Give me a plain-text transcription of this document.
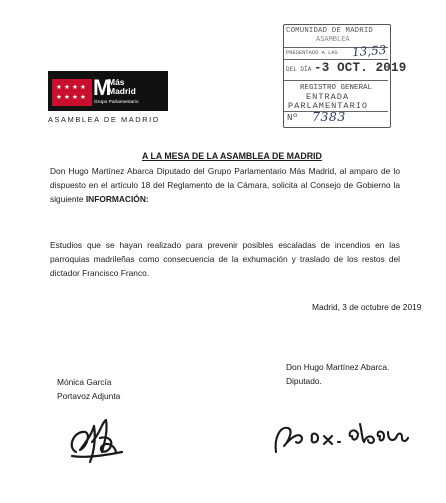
★ ★ ★ ★
★ ★ ★ ★ M
Más
Madrid
Grupo Parlamentario
ASAMBLEA DE MADRID
COMUNIDAD DE MADRID
ASAMBLEA
PRESENTADO A LAS 13,53
DEL DÍA -3 OCT. 2019
REGISTRO GENERAL
ENTRADA
PARLAMENTARIO
Nº 7383
A LA MESA DE LA ASAMBLEA DE MADRID
Don Hugo Martínez Abarca Diputado del Grupo Parlamentario Más Madrid, al amparo de lo dispuesto en el artículo 18 del Reglamento de la Cámara, solicita al Consejo de Gobierno la siguiente INFORMACIÓN:
Estudios que se hayan realizado para prevenir posibles escaladas de incendios en las parroquias madrileñas como consecuencia de la exhumación y traslado de los restos del dictador Francisco Franco.
Madrid, 3 de octubre de 2019
Mónica García
Portavoz Adjunta
Don Hugo Martínez Abarca.
Diputado.
